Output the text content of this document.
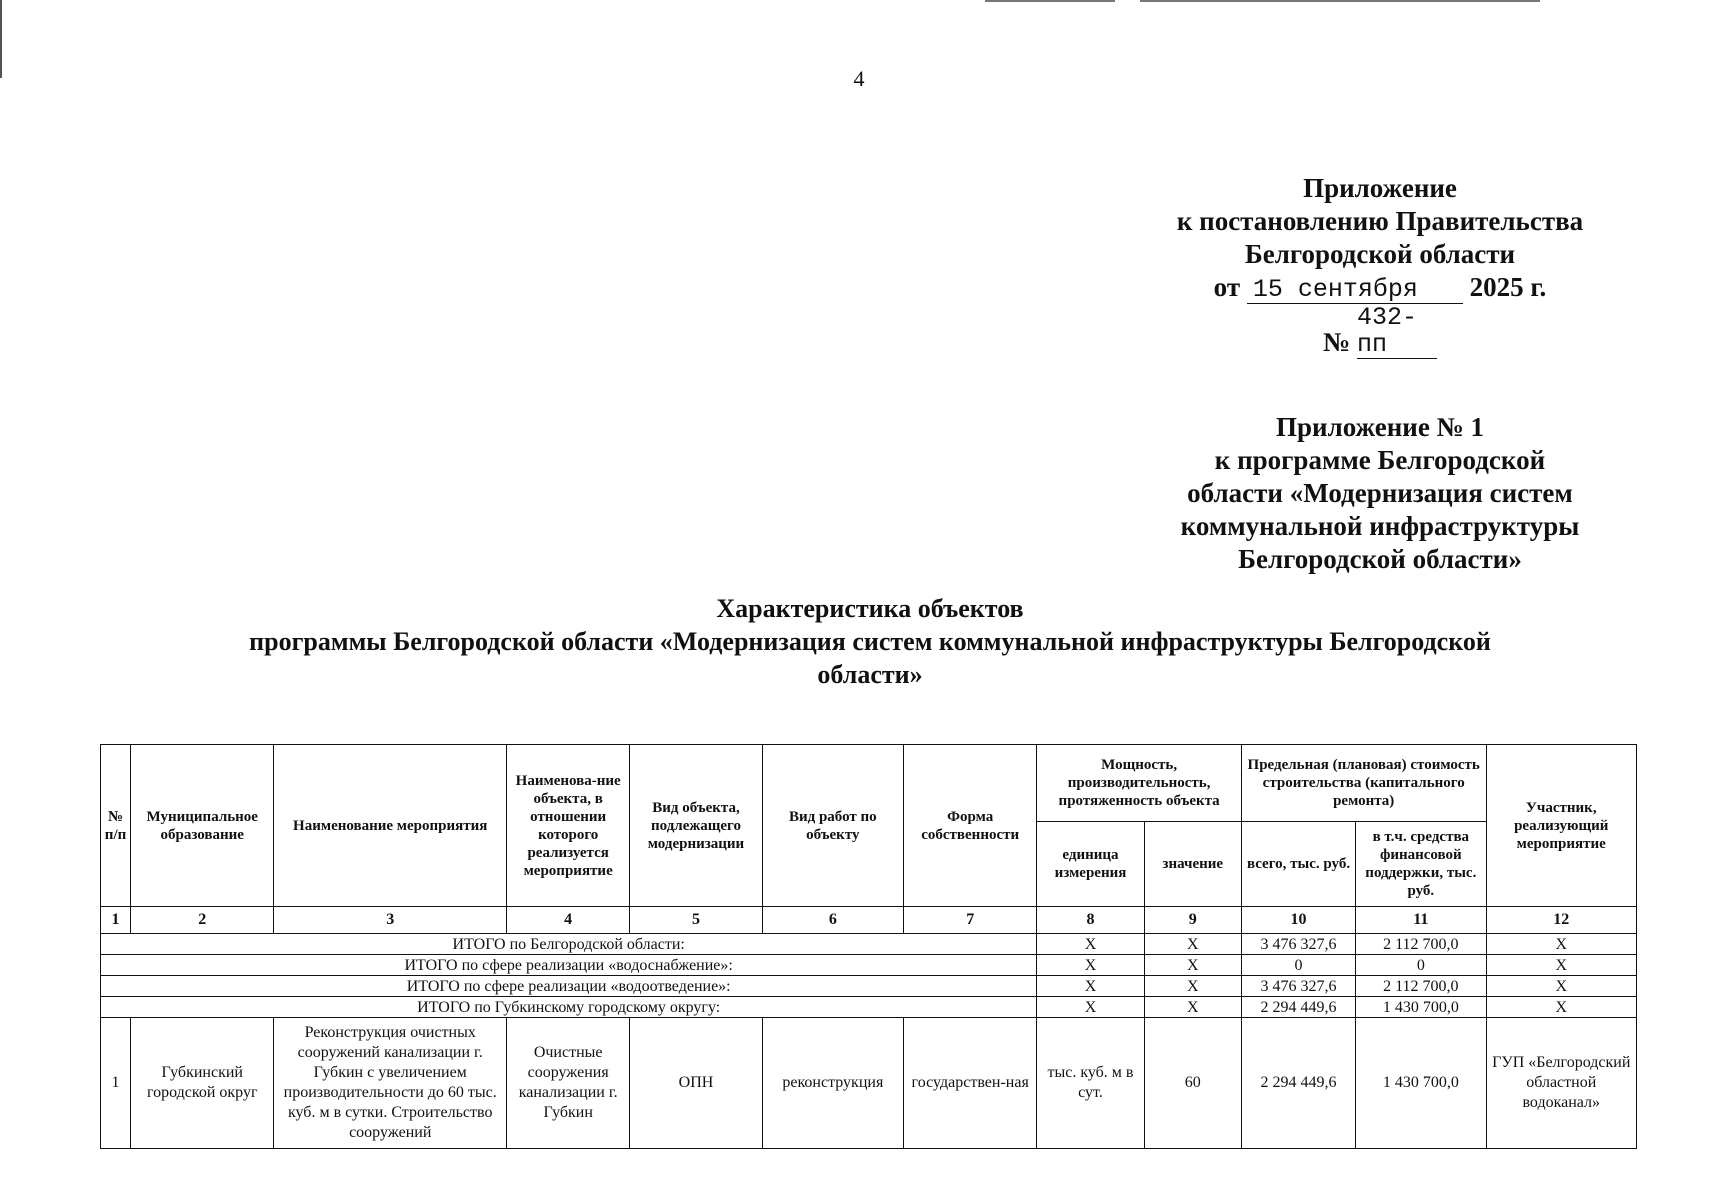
4
Приложение
к постановлению Правительства
Белгородской области
от 15 сентября 2025 г.
№ 432-пп
Приложение № 1
к программе Белгородской
области «Модернизация систем
коммунальной инфраструктуры
Белгородской области»
Характеристика объектов
программы Белгородской области «Модернизация систем коммунальной инфраструктуры Белгородской
области»
№ п/п	Муниципальное образование	Наименование мероприятия	Наименова-ние объекта, в отношении которого реализуется мероприятие	Вид объекта, подлежащего модернизации	Вид работ по объекту	Форма собственности	Мощность, производительность, протяженность объекта		Предельная (плановая) стоимость строительства (капитального ремонта)		Участник, реализующий мероприятие
							единица измерения	значение	всего, тыс. руб.	в т.ч. средства финансовой поддержки, тыс. руб.	
1	2	3	4	5	6	7	8	9	10	11	12
ИТОГО по Белгородской области:							X	X	3 476 327,6	2 112 700,0	X
ИТОГО по сфере реализации «водоснабжение»:							X	X	0	0	X
ИТОГО по сфере реализации «водоотведение»:							X	X	3 476 327,6	2 112 700,0	X
ИТОГО по Губкинскому городскому округу:							X	X	2 294 449,6	1 430 700,0	X
1	Губкинский городской округ	Реконструкция очистных сооружений канализации г. Губкин с увеличением производительности до 60 тыс. куб. м в сутки. Строительство сооружений	Очистные сооружения канализации г. Губкин	ОПН	реконструкция	государствен-ная	тыс. куб. м в сут.	60	2 294 449,6	1 430 700,0	ГУП «Белгородский областной водоканал»
